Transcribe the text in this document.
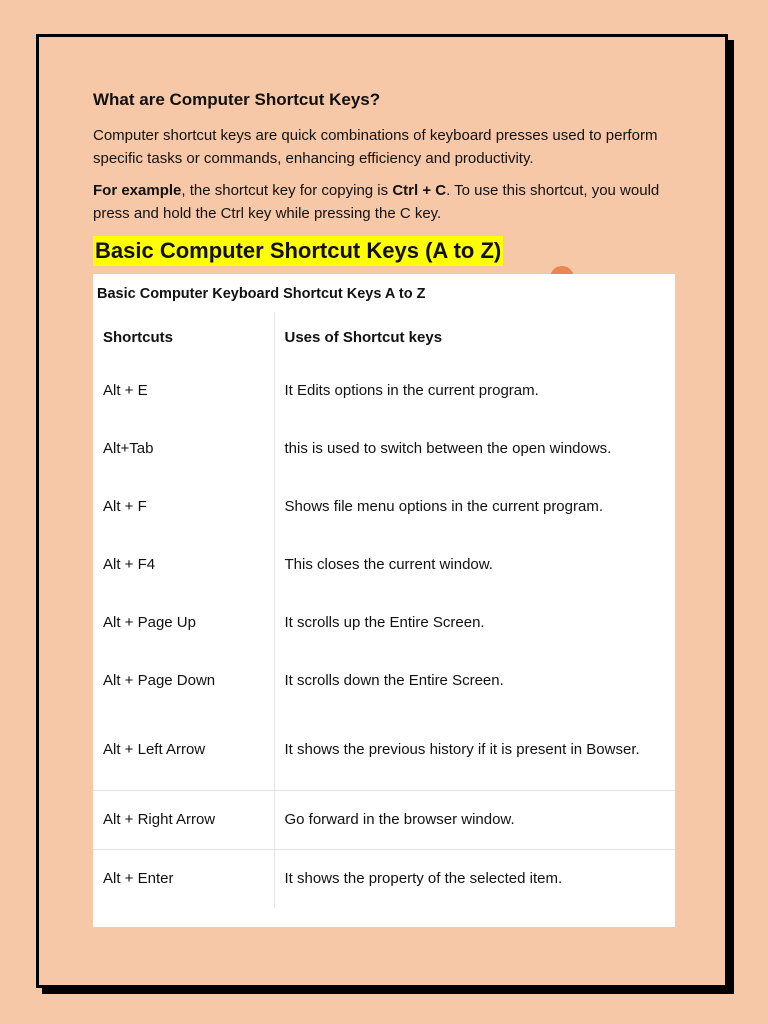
What are Computer Shortcut Keys?

Computer shortcut keys are quick combinations of keyboard presses used to perform specific tasks or commands, enhancing efficiency and productivity.

For example, the shortcut key for copying is Ctrl + C. To use this shortcut, you would press and hold the Ctrl key while pressing the C key.

Basic Computer Shortcut Keys (A to Z)
Basic Computer Keyboard Shortcut Keys A to Z
Shortcuts	Uses of Shortcut keys
Alt + E	It Edits options in the current program.
Alt+Tab	this is used to switch between the open windows.
Alt + F	Shows file menu options in the current program.
Alt + F4	This closes the current window.
Alt + Page Up	It scrolls up the Entire Screen.
Alt + Page Down	It scrolls down the Entire Screen.
Alt + Left Arrow	It shows the previous history if it is present in Bowser.
Alt + Right Arrow	Go forward in the browser window.
Alt + Enter	It shows the property of the selected item.
